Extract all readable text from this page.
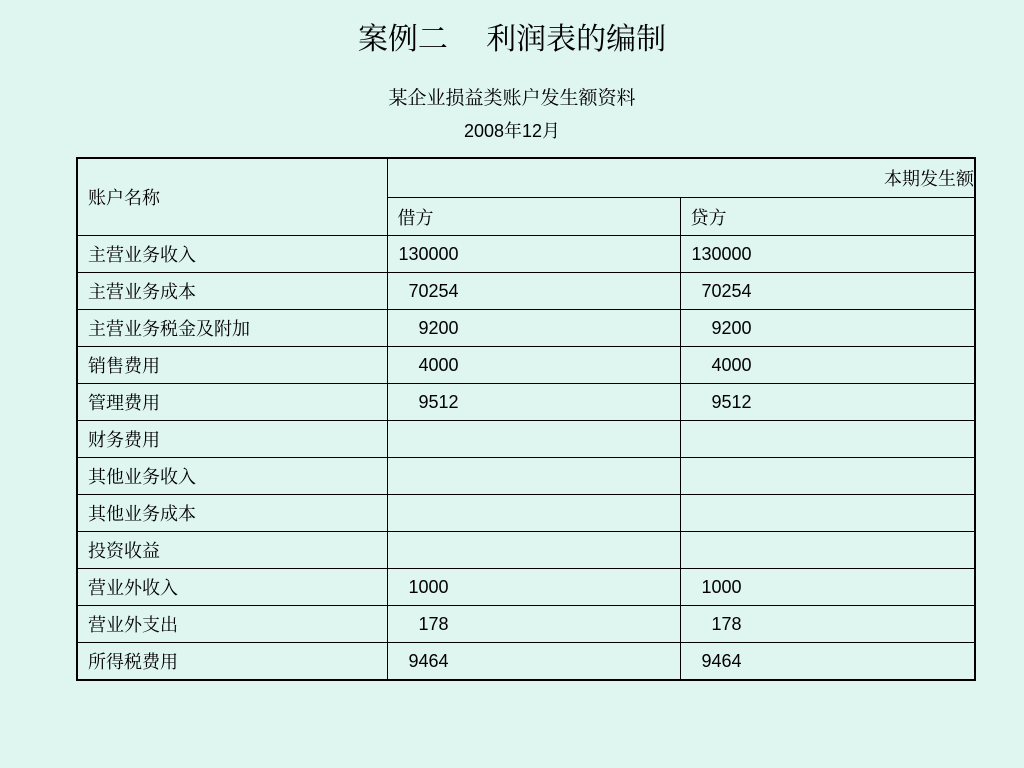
案例二    利润表的编制
某企业损益类账户发生额资料
2008年12月
账户名称	本期发生额	
	借方	贷方
主营业务收入	130000	130000
主营业务成本	70254	70254
主营业务税金及附加	9200	9200
销售费用	4000	4000
管理费用	9512	9512
财务费用		
其他业务收入		
其他业务成本		
投资收益		
营业外收入	1000	1000
营业外支出	178	178
所得税费用	9464	9464
